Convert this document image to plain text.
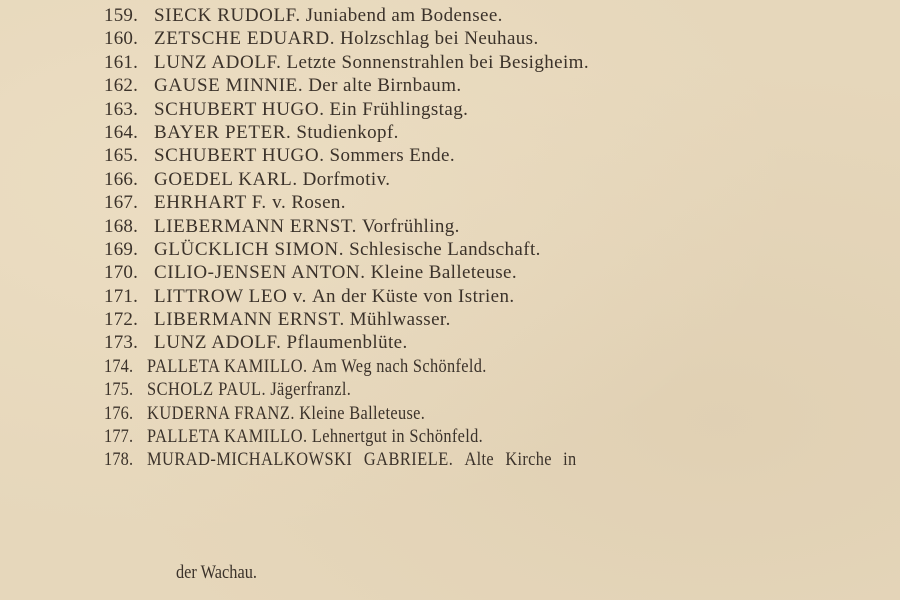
159. SIECK RUDOLF. Juniabend am Bodensee.
160. ZETSCHE EDUARD. Holzschlag bei Neuhaus.
161. LUNZ ADOLF. Letzte Sonnenstrahlen bei Besigheim.
162. GAUSE MINNIE. Der alte Birnbaum.
163. SCHUBERT HUGO. Ein Frühlingstag.
164. BAYER PETER. Studienkopf.
165. SCHUBERT HUGO. Sommers Ende.
166. GOEDEL KARL. Dorfmotiv.
167. EHRHART F. v. Rosen.
168. LIEBERMANN ERNST. Vorfrühling.
169. GLÜCKLICH SIMON. Schlesische Landschaft.
170. CILIO-JENSEN ANTON. Kleine Balleteuse.
171. LITTROW LEO v. An der Küste von Istrien.
172. LIBERMANN ERNST. Mühlwasser.
173. LUNZ ADOLF. Pflaumenblüte.
174. PALLETA KAMILLO. Am Weg nach Schönfeld.
175. SCHOLZ PAUL. Jägerfranzl.
176. KUDERNA FRANZ. Kleine Balleteuse.
177. PALLETA KAMILLO. Lehnertgut in Schönfeld.
178. MURAD-MICHALKOWSKI GABRIELE. Alte Kirche in
der Wachau.
